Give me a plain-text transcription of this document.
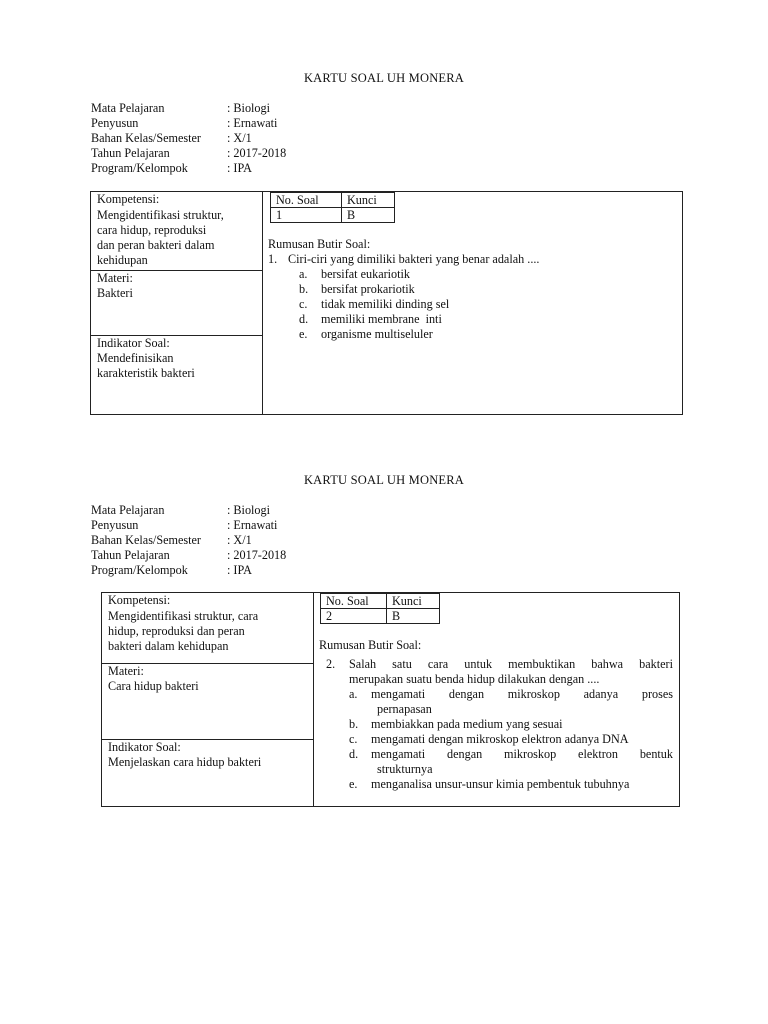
KARTU SOAL UH MONERA
Mata Pelajaran	: Biologi
Penyusun	: Ernawati
Bahan Kelas/Semester	: X/1
Tahun Pelajaran	: 2017-2018
Program/Kelompok	: IPA
Kompetensi:
Mengidentifikasi struktur,
cara hidup, reproduksi
dan peran bakteri dalam
kehidupan
Materi:
Bakteri
Indikator Soal:
Mendefinisikan
karakteristik bakteri
No. Soal	Kunci
1	B
Rumusan Butir Soal:
1. Ciri-ciri yang dimiliki bakteri yang benar adalah ....
a.	bersifat eukariotik
b.	bersifat prokariotik
c.	tidak memiliki dinding sel
d.	memiliki membrane  inti
e.	organisme multiseluler
KARTU SOAL UH MONERA
Mata Pelajaran	: Biologi
Penyusun	: Ernawati
Bahan Kelas/Semester	: X/1
Tahun Pelajaran	: 2017-2018
Program/Kelompok	: IPA
Kompetensi:
Mengidentifikasi struktur, cara
hidup, reproduksi dan peran
bakteri dalam kehidupan
Materi:
Cara hidup bakteri
Indikator Soal:
Menjelaskan cara hidup bakteri
No. Soal	Kunci
2	B
Rumusan Butir Soal:
2.	Salah satu cara untuk membuktikan bahwa bakteri
merupakan suatu benda hidup dilakukan dengan ....
a.	mengamati dengan mikroskop adanya proses
pernapasan
b.	membiakkan pada medium yang sesuai
c.	mengamati dengan mikroskop elektron adanya DNA
d.	mengamati dengan mikroskop elektron bentuk
strukturnya
e.	menganalisa unsur-unsur kimia pembentuk tubuhnya
